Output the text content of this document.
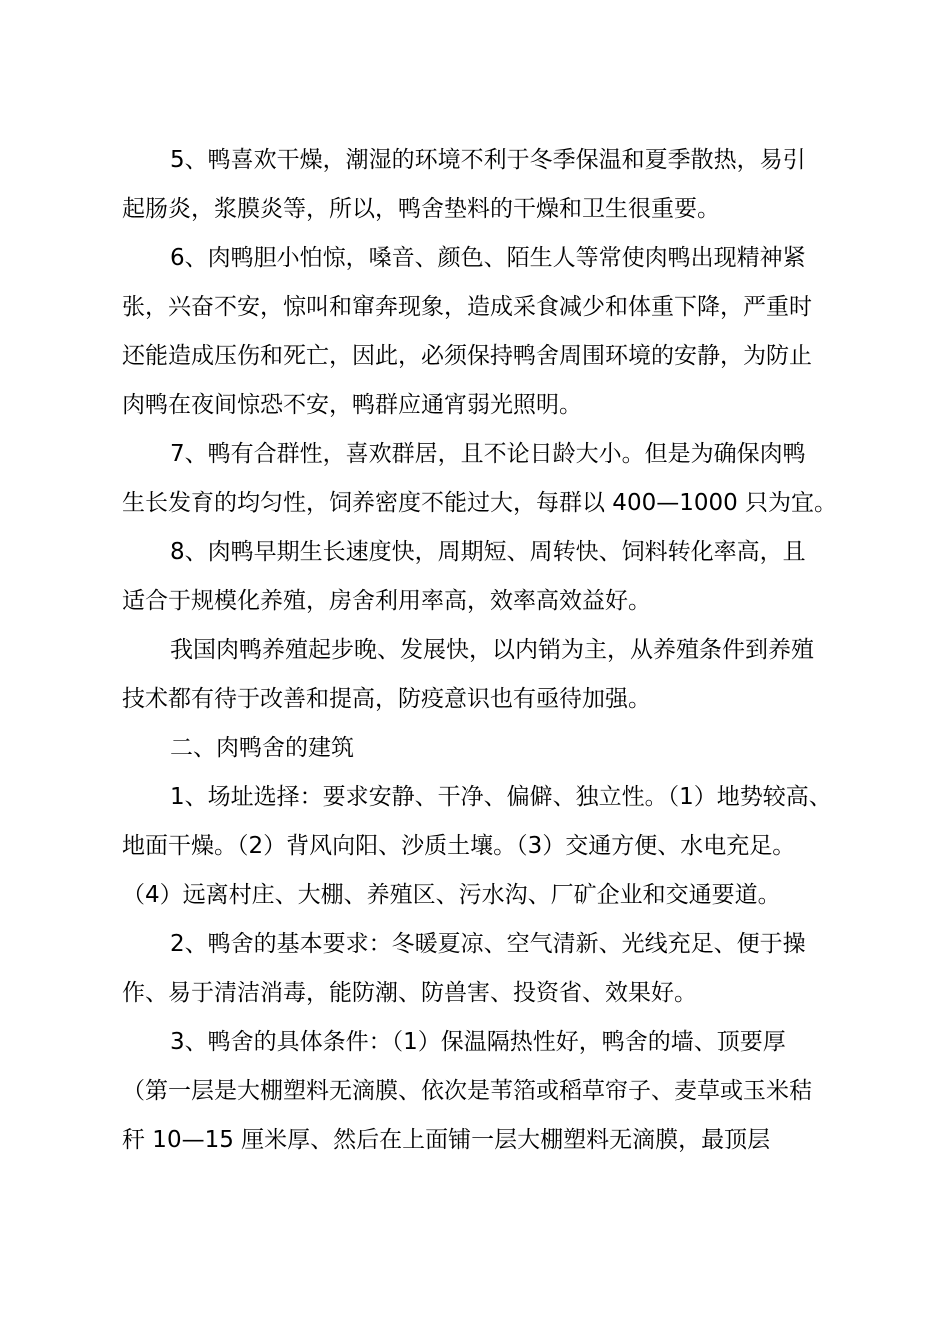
5、鸭喜欢干燥，潮湿的环境不利于冬季保温和夏季散热，易引
起肠炎，浆膜炎等，所以，鸭舍垫料的干燥和卫生很重要。

6、肉鸭胆小怕惊，嗓音、颜色、陌生人等常使肉鸭出现精神紧
张，兴奋不安，惊叫和窜奔现象，造成采食减少和体重下降，严重时
还能造成压伤和死亡，因此，必须保持鸭舍周围环境的安静，为防止
肉鸭在夜间惊恐不安，鸭群应通宵弱光照明。

7、鸭有合群性，喜欢群居，且不论日龄大小。但是为确保肉鸭
生长发育的均匀性，饲养密度不能过大，每群以 400—1000 只为宜。

8、肉鸭早期生长速度快，周期短、周转快、饲料转化率高，且
适合于规模化养殖，房舍利用率高，效率高效益好。

我国肉鸭养殖起步晚、发展快，以内销为主，从养殖条件到养殖
技术都有待于改善和提高，防疫意识也有亟待加强。

二、肉鸭舍的建筑

1、场址选择：要求安静、干净、偏僻、独立性。（1）地势较高、
地面干燥。（2）背风向阳、沙质土壤。（3）交通方便、水电充足。
（4）远离村庄、大棚、养殖区、污水沟、厂矿企业和交通要道。

2、鸭舍的基本要求：冬暖夏凉、空气清新、光线充足、便于操
作、易于清洁消毒，能防潮、防兽害、投资省、效果好。

3、鸭舍的具体条件：（1）保温隔热性好，鸭舍的墙、顶要厚
（第一层是大棚塑料无滴膜、依次是苇箔或稻草帘子、麦草或玉米秸
秆 10—15 厘米厚、然后在上面铺一层大棚塑料无滴膜，最顶层
